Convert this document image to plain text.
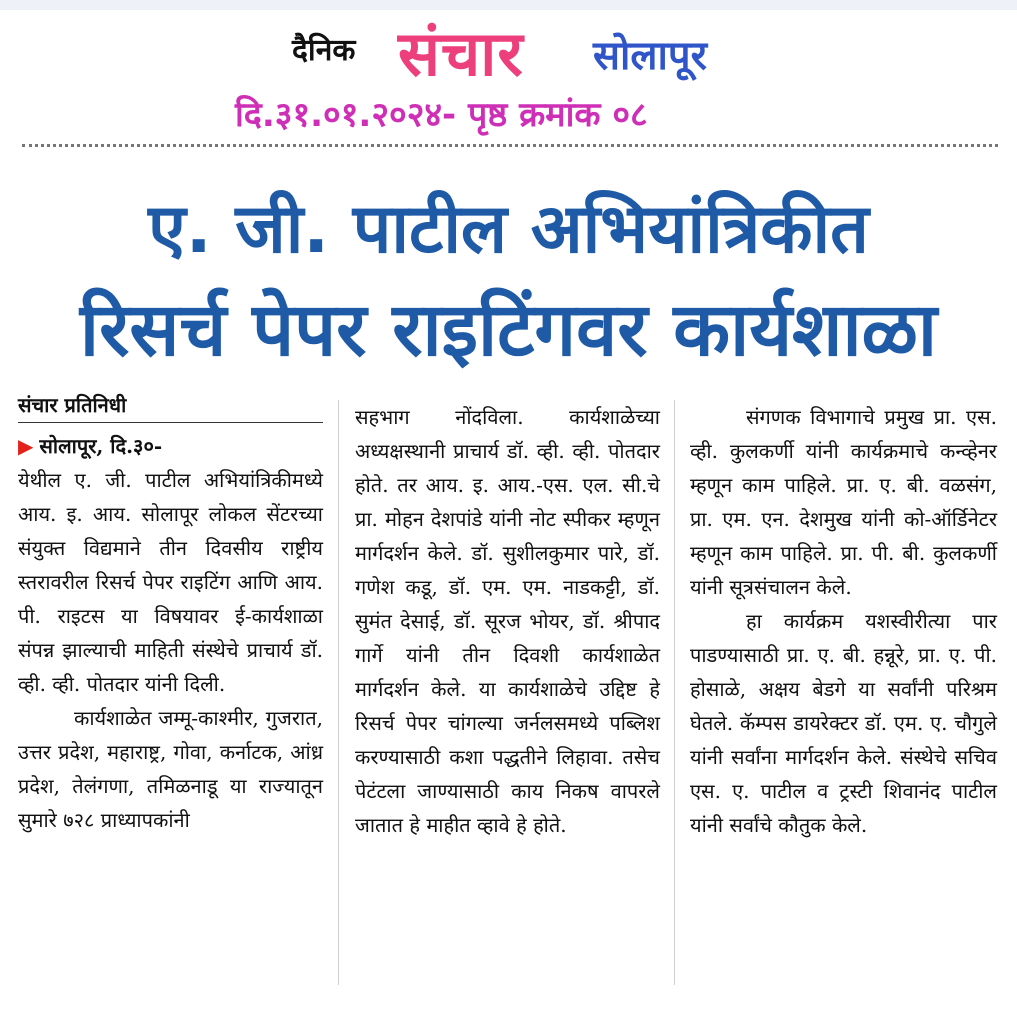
दैनिक संचार सोलापूर
दि.३१.०१.२०२४- पृष्ठ क्रमांक ०८
ए. जी. पाटील अभियांत्रिकीत
रिसर्च पेपर राइटिंगवर कार्यशाळा

संचार प्रतिनिधी

▶ सोलापूर, दि.३०-

येथील ए. जी. पाटील अभियांत्रिकीमध्ये आय. इ. आय. सोलापूर लोकल सेंटरच्या संयुक्त विद्यमाने तीन दिवसीय राष्ट्रीय स्तरावरील रिसर्च पेपर राइटिंग आणि आय. पी. राइटस या विषयावर ई-कार्यशाळा संपन्न झाल्याची माहिती संस्थेचे प्राचार्य डॉ. व्ही. व्ही. पोतदार यांनी दिली.

कार्यशाळेत जम्मू-काश्मीर, गुजरात, उत्तर प्रदेश, महाराष्ट्र, गोवा, कर्नाटक, आंध्र प्रदेश, तेलंगणा, तमिळनाडू या राज्यातून सुमारे ७२८ प्राध्यापकांनी

सहभाग नोंदविला. कार्यशाळेच्या अध्यक्षस्थानी प्राचार्य डॉ. व्ही. व्ही. पोतदार होते. तर आय. इ. आय.-एस. एल. सी.चे प्रा. मोहन देशपांडे यांनी नोट स्पीकर म्हणून मार्गदर्शन केले. डॉ. सुशीलकुमार पारे, डॉ. गणेश कडू, डॉ. एम. एम. नाडकट्टी, डॉ. सुमंत देसाई, डॉ. सूरज भोयर, डॉ. श्रीपाद गार्गे यांनी तीन दिवशी कार्यशाळेत मार्गदर्शन केले. या कार्यशाळेचे उद्दिष्ट हे रिसर्च पेपर चांगल्या जर्नलसमध्ये पब्लिश करण्यासाठी कशा पद्धतीने लिहावा. तसेच पेटंटला जाण्यासाठी काय निकष वापरले जातात हे माहीत व्हावे हे होते.

संगणक विभागाचे प्रमुख प्रा. एस. व्ही. कुलकर्णी यांनी कार्यक्रमाचे कन्व्हेनर म्हणून काम पाहिले. प्रा. ए. बी. वळसंग, प्रा. एम. एन. देशमुख यांनी को-ऑर्डिनेटर म्हणून काम पाहिले. प्रा. पी. बी. कुलकर्णी यांनी सूत्रसंचालन केले.

हा कार्यक्रम यशस्वीरीत्या पार पाडण्यासाठी प्रा. ए. बी. हन्नूरे, प्रा. ए. पी. होसाळे, अक्षय बेडगे या सर्वांनी परिश्रम घेतले. कॅम्पस डायरेक्टर डॉ. एम. ए. चौगुले यांनी सर्वांना मार्गदर्शन केले. संस्थेचे सचिव एस. ए. पाटील व ट्रस्टी शिवानंद पाटील यांनी सर्वांचे कौतुक केले.
